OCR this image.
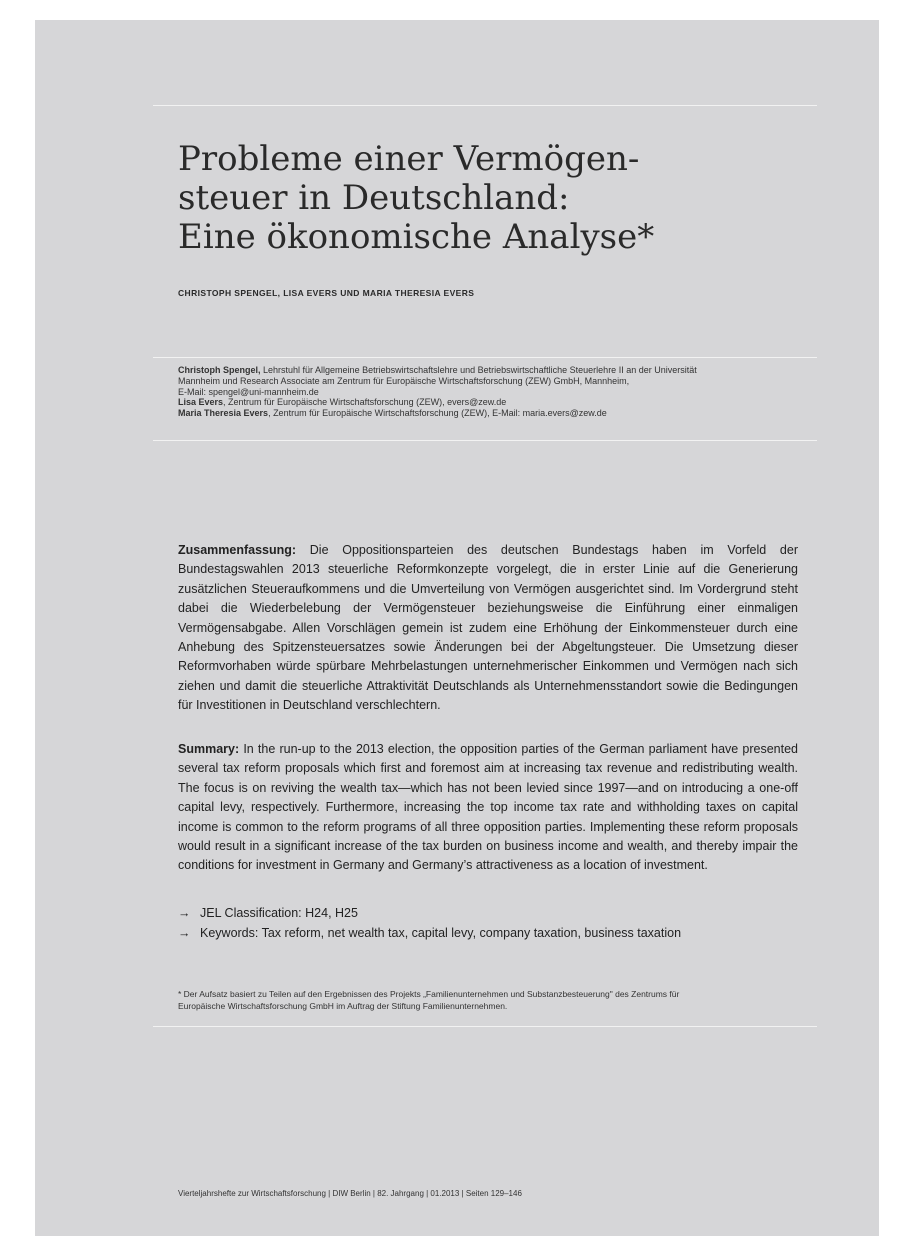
Probleme einer Vermögen-
steuer in Deutschland:
Eine ökonomische Analyse*
CHRISTOPH SPENGEL, LISA EVERS UND MARIA THERESIA EVERS
Christoph Spengel, Lehrstuhl für Allgemeine Betriebswirtschaftslehre und Betriebswirtschaftliche Steuerlehre II an der Universität
Mannheim und Research Associate am Zentrum für Europäische Wirtschaftsforschung (ZEW) GmbH, Mannheim,
E-Mail: spengel@uni-mannheim.de
Lisa Evers, Zentrum für Europäische Wirtschaftsforschung (ZEW), evers@zew.de
Maria Theresia Evers, Zentrum für Europäische Wirtschaftsforschung (ZEW), E-Mail: maria.evers@zew.de

Zusammenfassung: Die Oppositionsparteien des deutschen Bundestags haben im Vorfeld der Bundestagswahlen 2013 steuerliche Reformkonzepte vorgelegt, die in erster Linie auf die Generierung zusätzlichen Steueraufkommens und die Umverteilung von Vermögen ausgerichtet sind. Im Vordergrund steht dabei die Wiederbelebung der Vermögensteuer beziehungsweise die Einführung einer einmaligen Vermögensabgabe. Allen Vorschlägen gemein ist zudem eine Erhöhung der Einkommensteuer durch eine Anhebung des Spitzensteuersatzes sowie Änderungen bei der Abgeltungsteuer. Die Umsetzung dieser Reformvorhaben würde spürbare Mehrbelastungen unternehmerischer Einkommen und Vermögen nach sich ziehen und damit die steuerliche Attraktivität Deutschlands als Unternehmensstandort sowie die Bedingungen für Investitionen in Deutschland verschlechtern.

Summary: In the run-up to the 2013 election, the opposition parties of the German parliament have presented several tax reform proposals which first and foremost aim at increasing tax revenue and redistributing wealth. The focus is on reviving the wealth tax—which has not been levied since 1997—and on introducing a one-off capital levy, respectively. Furthermore, increasing the top income tax rate and withholding taxes on capital income is common to the reform programs of all three opposition parties. Implementing these reform proposals would result in a significant increase of the tax burden on business income and wealth, and thereby impair the conditions for investment in Germany and Germany’s attractiveness as a location of investment.

→ JEL Classification: H24, H25
→ Keywords: Tax reform, net wealth tax, capital levy, company taxation, business taxation
* Der Aufsatz basiert zu Teilen auf den Ergebnissen des Projekts „Familienunternehmen und Substanzbesteuerung" des Zentrums für
Europäische Wirtschaftsforschung GmbH im Auftrag der Stiftung Familienunternehmen.
Vierteljahrshefte zur Wirtschaftsforschung | DIW Berlin | 82. Jahrgang | 01.2013 | Seiten 129–146
